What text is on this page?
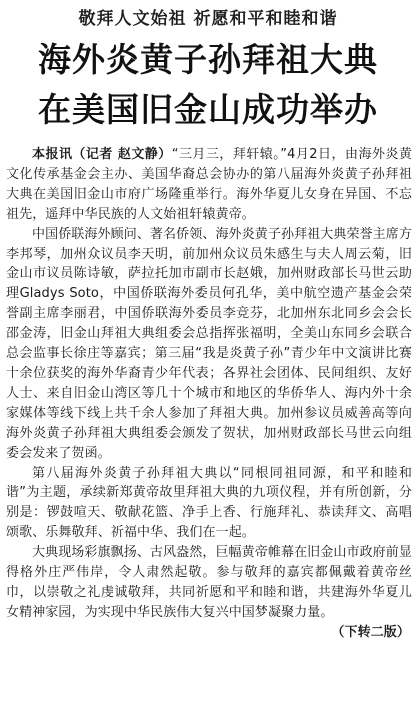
敬拜人文始祖 祈愿和平和睦和谐
海外炎黄子孙拜祖大典
在美国旧金山成功举办

本报讯（记者 赵文静）“三月三，拜轩辕。”4月2日，由海外炎黄文化传承基金会主办、美国华裔总会协办的第八届海外炎黄子孙拜祖大典在美国旧金山市府广场隆重举行。海外华夏儿女身在异国、不忘祖先，遥拜中华民族的人文始祖轩辕黄帝。

中国侨联海外顾问、著名侨领、海外炎黄子孙拜祖大典荣誉主席方李邦琴，加州众议员李天明，前加州众议员朱感生与夫人周云菊，旧金山市议员陈诗敏，萨拉托加市副市长赵娥，加州财政部长马世云助理Gladys Soto，中国侨联海外委员何孔华，美中航空遗产基金会荣誉副主席李丽君，中国侨联海外委员李竞芬，北加州东北同乡会会长邵金涛，旧金山拜祖大典组委会总指挥张福明，全美山东同乡会联合总会监事长徐庄等嘉宾；第三届“我是炎黄子孙”青少年中文演讲比赛十余位获奖的海外华裔青少年代表；各界社会团体、民间组织、友好人士、来自旧金山湾区等几十个城市和地区的华侨华人、海内外十余家媒体等线下线上共千余人参加了拜祖大典。加州参议员威善高等向海外炎黄子孙拜祖大典组委会颁发了贺状，加州财政部长马世云向组委会发来了贺函。

第八届海外炎黄子孙拜祖大典以“同根同祖同源，和平和睦和谐”为主题，承续新郑黄帝故里拜祖大典的九项仪程，并有所创新，分别是：锣鼓喧天、敬献花篮、净手上香、行施拜礼、恭读拜文、高唱颂歌、乐舞敬拜、祈福中华、我们在一起。

大典现场彩旗飘扬、古风盎然，巨幅黄帝帷幕在旧金山市政府前显得格外庄严伟岸，令人肃然起敬。参与敬拜的嘉宾都佩戴着黄帝丝巾，以崇敬之礼虔诚敬拜，共同祈愿和平和睦和谐，共建海外华夏儿女精神家园，为实现中华民族伟大复兴中国梦凝聚力量。
（下转二版）
